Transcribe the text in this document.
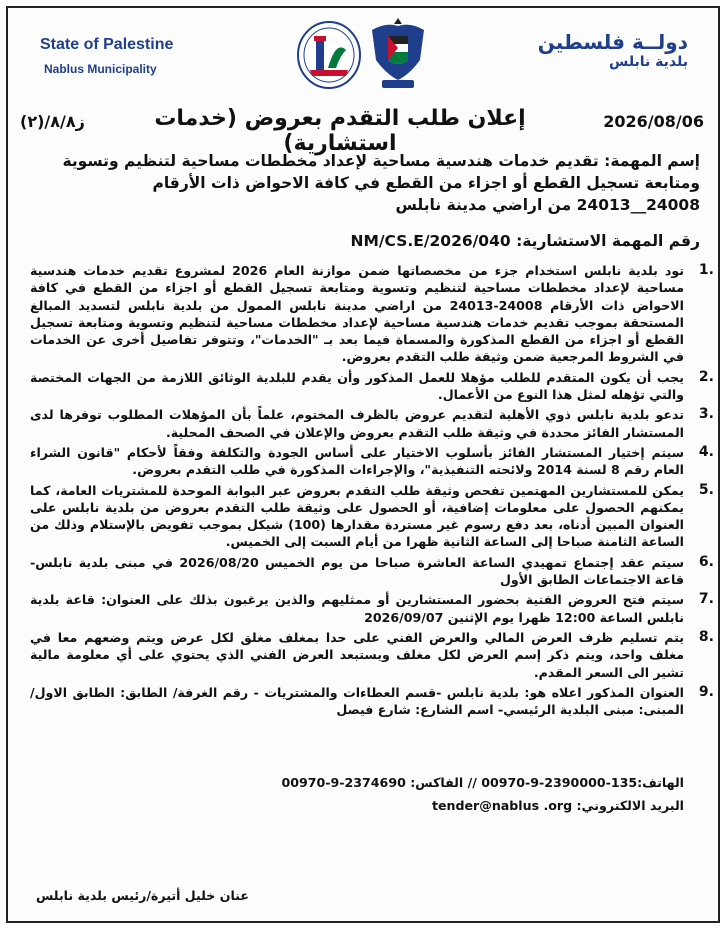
State of Palestine
Nablus Municipality
دولــة فلسطين
بلدية نابلس
ز٨/٨/(٢)	إعلان طلب التقدم بعروض (خدمات استشارية)
2026/08/06
إسم المهمة: تقديم خدمات هندسية مساحية لإعداد مخططات مساحية لتنظيم وتسوية ومتابعة تسجيل القطع أو اجزاء من القطع في كافة الاحواض ذات الأرقام 24008__24013 من اراضي مدينة نابلس
رقم المهمة الاستشارية: NM/CS.E/2026/040
.1
تود بلدية نابلس استخدام جزء من مخصصاتها ضمن موازنة العام 2026 لمشروع تقديم خدمات هندسية مساحية لإعداد مخططات مساحية لتنظيم وتسوية ومتابعة تسجيل القطع أو اجزاء من القطع في كافة الاحواض ذات الأرقام 24008-24013 من اراضي مدينة نابلس الممول من بلدية نابلس لتسديد المبالغ المستحقة بموجب تقديم خدمات هندسية مساحية لإعداد مخططات مساحية لتنظيم وتسوية ومتابعة تسجيل القطع أو اجزاء من القطع المذكورة والمسماة فيما بعد بـ "الخدمات"، وتتوفر تفاصيل أخرى عن الخدمات في الشروط المرجعية ضمن وثيقة طلب التقدم بعروض.
.2
يجب أن يكون المتقدم للطلب مؤهلا للعمل المذكور وأن يقدم للبلدية الوثائق اللازمة من الجهات المختصة والتي تؤهله لمثل هذا النوع من الأعمال.
.3
تدعو بلدية نابلس ذوي الأهلية لتقديم عروض بالظرف المختوم، علماً بأن المؤهلات المطلوب توفرها لدى المستشار الفائز محددة في وثيقة طلب التقدم بعروض والإعلان في الصحف المحلية.
.4
سيتم إختيار المستشار الفائز بأسلوب الاختيار على أساس الجودة والتكلفة وفقاً لأحكام "قانون الشراء العام رقم 8 لسنة 2014 ولائحته التنفيذية"، والإجراءات المذكورة في طلب التقدم بعروض.
.5
يمكن للمستشارين المهتمين تفحص وثيقة طلب التقدم بعروض عبر البوابة الموحدة للمشتريات العامة، كما يمكنهم الحصول على معلومات إضافية، أو الحصول على وثيقة طلب التقدم بعروض من بلدية نابلس على العنوان المبين أدناه، بعد دفع رسوم غير مستردة مقدارها (100) شيكل بموجب تفويض بالإستلام وذلك من الساعة الثامنة صباحا إلى الساعة الثانية ظهرا من أيام السبت إلى الخميس.
.6
سيتم عقد إجتماع تمهيدي الساعة العاشرة صباحا من يوم الخميس 2026/08/20 في مبنى بلدية نابلس- قاعة الاجتماعات الطابق الأول
.7
سيتم فتح العروض الفنية بحضور المستشارين أو ممثليهم والذين يرغبون بذلك على العنوان: قاعة بلدية نابلس الساعة 12:00 ظهرا يوم الإثنين 2026/09/07
.8
يتم تسليم ظرف العرض المالي والعرض الفني على حدا بمغلف مغلق لكل عرض ويتم وضعهم معا في مغلف واحد، ويتم ذكر إسم العرض لكل مغلف ويستبعد العرض الفني الذي يحتوي على أي معلومة مالية تشير الى السعر المقدم.
.9
العنوان المذكور اعلاه هو: بلدية نابلس -قسم العطاءات والمشتريات - رقم الغرفة/ الطابق: الطابق الاول/ المبنى: مبنى البلدية الرئيسي- اسم الشارع: شارع فيصل
الهاتف:135-2390000-9-00970 // الفاكس: 2374690-9-00970
البريد الالكتروني: tender@nablus .org
عنان خليل أتيرة/رئيس بلدية نابلس
